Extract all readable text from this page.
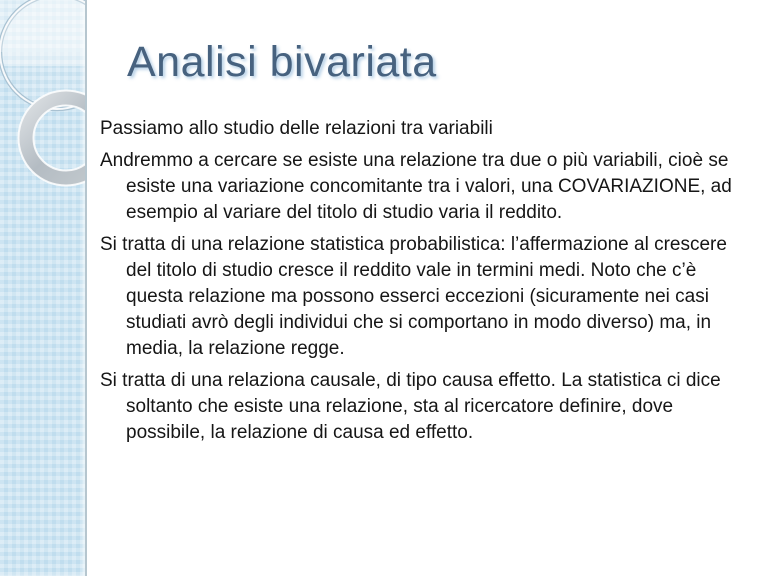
Analisi bivariata

Passiamo allo studio delle relazioni tra variabili

Andremmo a cercare se esiste una relazione tra due o più variabili, cioè se esiste una variazione concomitante tra i valori, una COVARIAZIONE, ad esempio al variare del titolo di studio varia il reddito.

Si tratta di una relazione statistica probabilistica: l’affermazione al crescere del titolo di studio cresce il reddito vale in termini medi. Noto che c’è questa relazione ma possono esserci eccezioni (sicuramente nei casi studiati avrò degli individui che si comportano in modo diverso) ma, in media, la relazione regge.

Si tratta di una relaziona causale, di tipo causa effetto. La statistica ci dice soltanto che esiste una relazione, sta al ricercatore definire, dove possibile, la relazione di causa ed effetto.
